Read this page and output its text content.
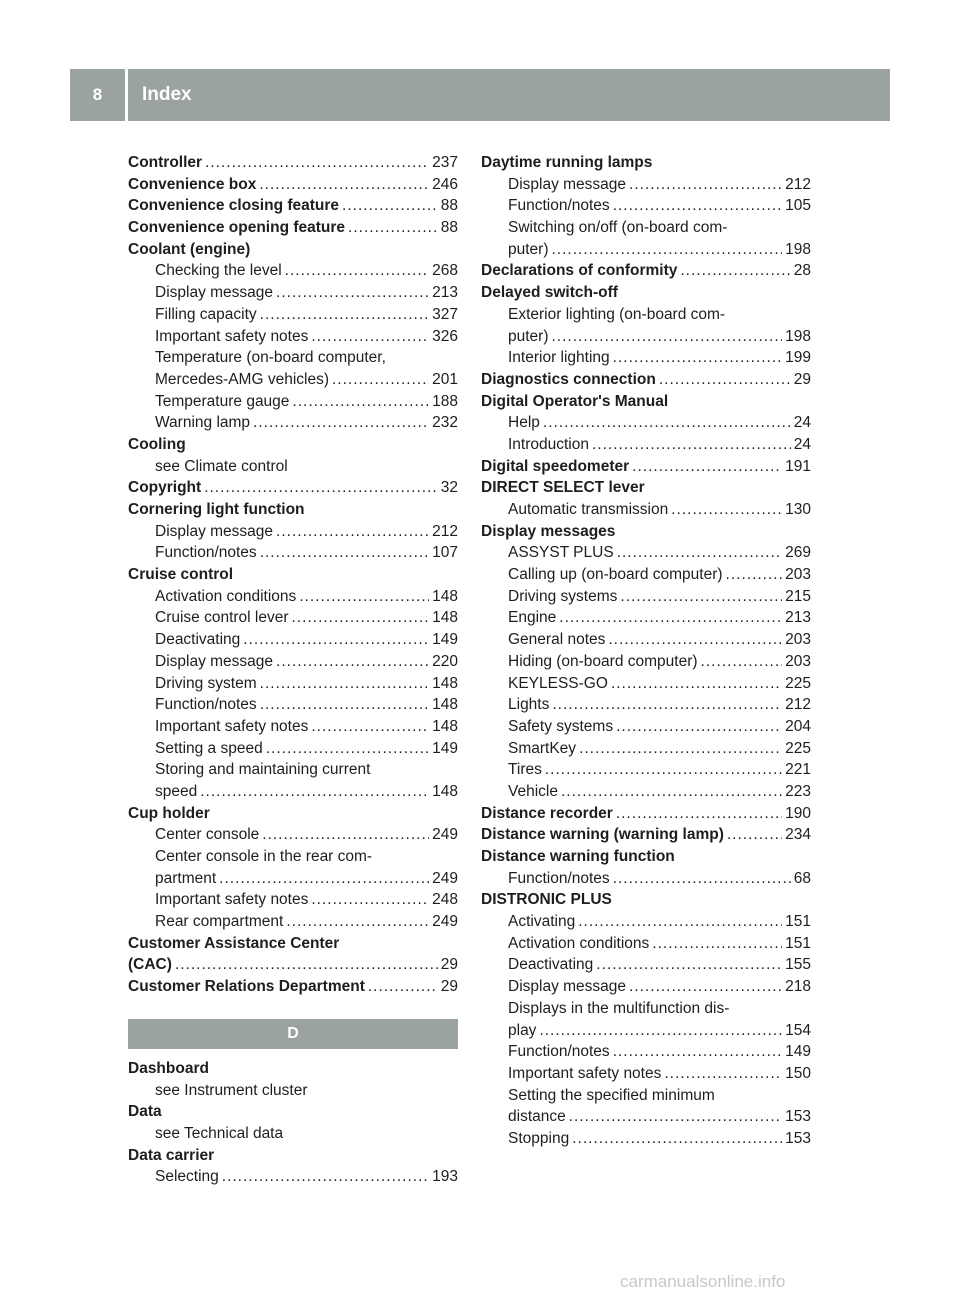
8	Index
Controller .....	237
Convenience box .....	246
Convenience closing feature .....	88
Convenience opening feature .....	88
Coolant (engine)
Checking the level .....	268
Display message .....	213
Filling capacity .....	327
Important safety notes .....	326
Temperature (on-board computer,
Mercedes-AMG vehicles) .....	201
Temperature gauge .....	188
Warning lamp .....	232
Cooling
see Climate control
Copyright .....	32
Cornering light function
Display message .....	212
Function/notes .....	107
Cruise control
Activation conditions .....	148
Cruise control lever .....	148
Deactivating .....	149
Display message .....	220
Driving system .....	148
Function/notes .....	148
Important safety notes .....	148
Setting a speed .....	149
Storing and maintaining current
speed .....	148
Cup holder
Center console .....	249
Center console in the rear com-
partment .....	249
Important safety notes .....	248
Rear compartment .....	249
Customer Assistance Center
(CAC) .....	29
Customer Relations Department .....	29
D
Dashboard
see Instrument cluster
Data
see Technical data
Data carrier
Selecting .....	193
Daytime running lamps
Display message .....	212
Function/notes .....	105
Switching on/off (on-board com-
puter) .....	198
Declarations of conformity .....	28
Delayed switch-off
Exterior lighting (on-board com-
puter) .....	198
Interior lighting .....	199
Diagnostics connection .....	29
Digital Operator's Manual
Help .....	24
Introduction .....	24
Digital speedometer .....	191
DIRECT SELECT lever
Automatic transmission .....	130
Display messages
ASSYST PLUS .....	269
Calling up (on-board computer) .....	203
Driving systems .....	215
Engine .....	213
General notes .....	203
Hiding (on-board computer) .....	203
KEYLESS-GO .....	225
Lights .....	212
Safety systems .....	204
SmartKey .....	225
Tires .....	221
Vehicle .....	223
Distance recorder .....	190
Distance warning (warning lamp) .....	234
Distance warning function
Function/notes .....	68
DISTRONIC PLUS
Activating .....	151
Activation conditions .....	151
Deactivating .....	155
Display message .....	218
Displays in the multifunction dis-
play .....	154
Function/notes .....	149
Important safety notes .....	150
Setting the specified minimum
distance .....	153
Stopping .....	153
carmanualsonline.info
